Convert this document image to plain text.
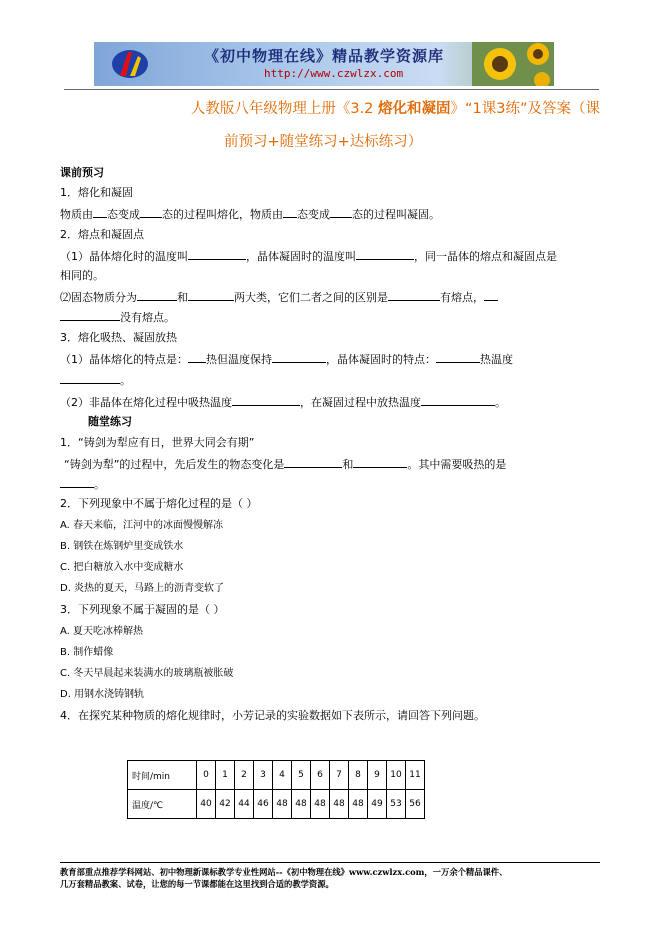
《初中物理在线》精品教学资源库
http://www.czwlzx.com
人教版八年级物理上册《3.2 熔化和凝固》“1课3练”及答案（课
前预习+随堂练习+达标练习）
课前预习
1．熔化和凝固
物质由 态变成 态的过程叫熔化，物质由 态变成 态的过程叫凝固。
2．熔点和凝固点
（1）晶体熔化时的温度叫	，晶体凝固时的温度叫	，同一晶体的熔点和凝固点是
相同的。
⑵固态物质分为	和	两大类，它们二者之间的区别是	有熔点，
没有熔点。
3．熔化吸热、凝固放热
（1）晶体熔化的特点是： 热但温度保持	，晶体凝固时的特点：	热温度
。
（2）非晶体在熔化过程中吸热温度	，在凝固过程中放热温度	。
随堂练习
1．“铸剑为犁应有日，世界大同会有期”
“铸剑为犁”的过程中，先后发生的物态变化是	和	。其中需要吸热的是
。
2．下列现象中不属于熔化过程的是（ ）
A. 春天来临，江河中的冰面慢慢解冻
B. 钢铁在炼钢炉里变成铁水
C. 把白糖放入水中变成糖水
D. 炎热的夏天，马路上的沥青变软了
3．下列现象不属于凝固的是（ ）
A. 夏天吃冰棒解热
B. 制作蜡像
C. 冬天早晨起来装满水的玻璃瓶被胀破
D. 用钢水浇铸钢轨
4．在探究某种物质的熔化规律时，小芳记录的实验数据如下表所示，请回答下列问题。
时间/min	0	1	2	3	4	5	6	7	8	9	10	11
温度/℃	40	42	44	46	48	48	48	48	48	49	53	56
教育部重点推荐学科网站、初中物理新课标教学专业性网站--《初中物理在线》www.czwlzx.com，一万余个精品课件、
几万套精品教案、试卷，让您的每一节课都能在这里找到合适的教学资源。
